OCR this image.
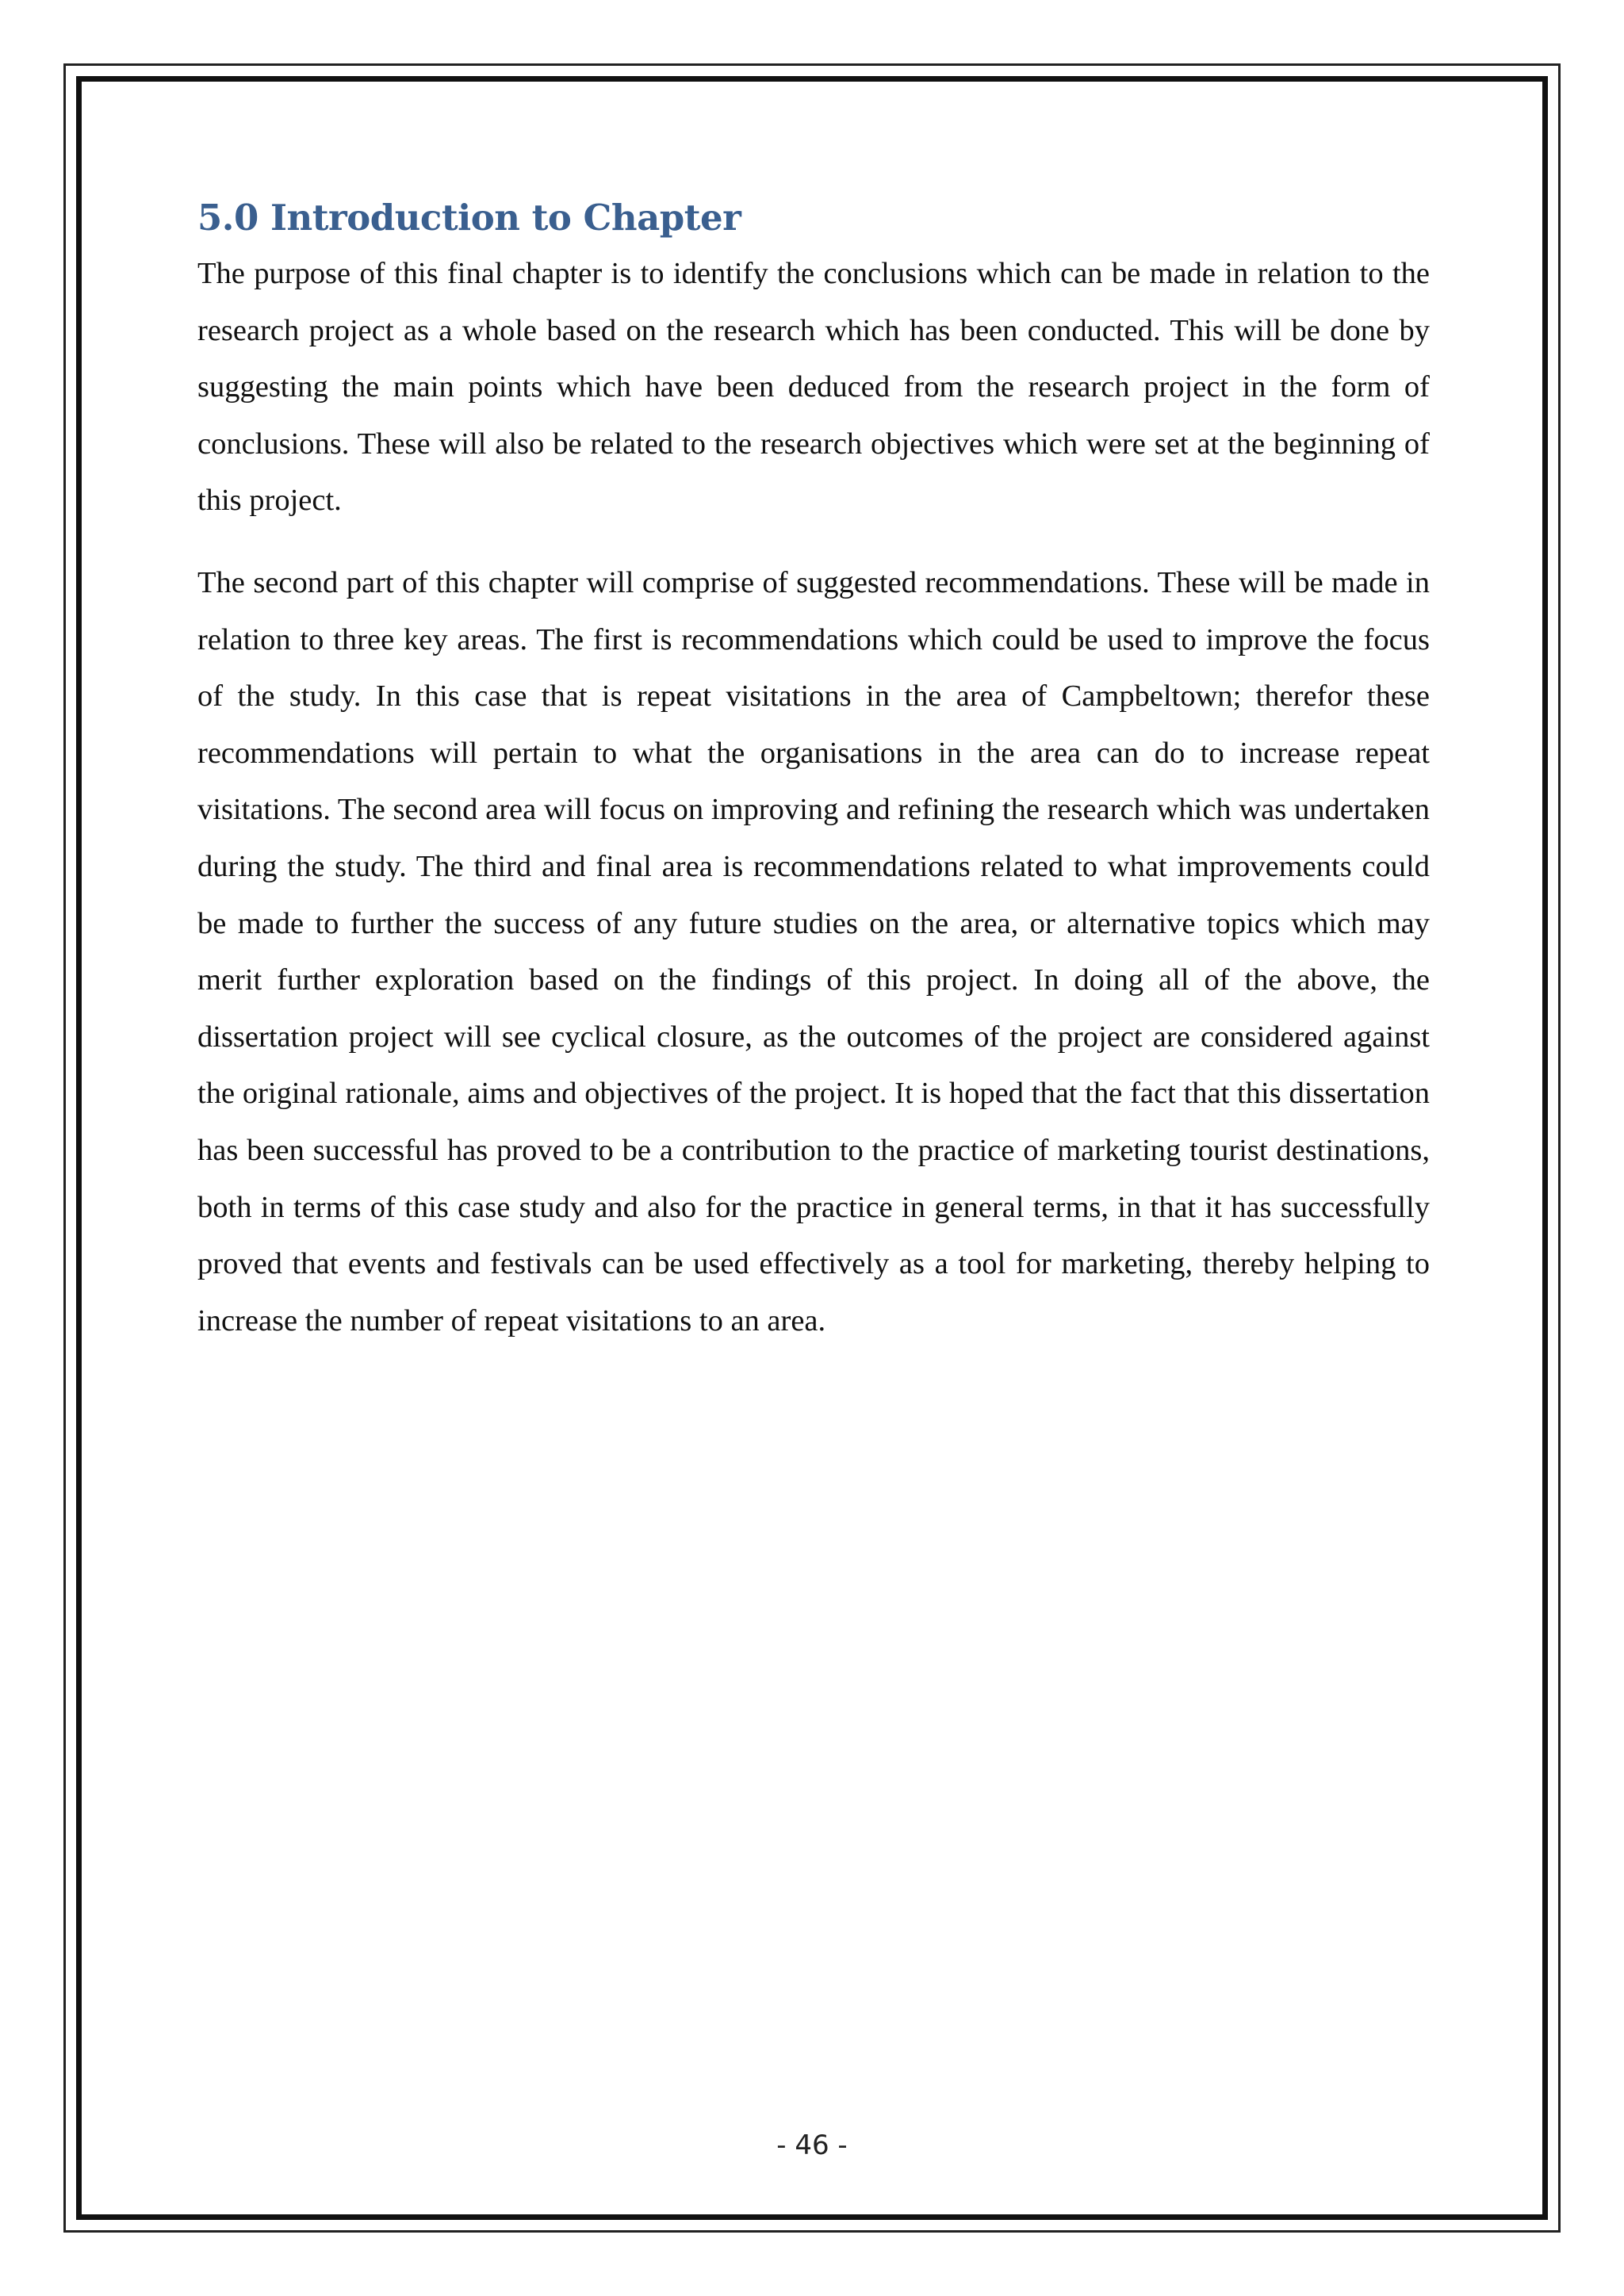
5.0 Introduction to Chapter

The purpose of this final chapter is to identify the conclusions which can be made in relation to the research project as a whole based on the research which has been conducted. This will be done by suggesting the main points which have been deduced from the research project in the form of conclusions. These will also be related to the research objectives which were set at the beginning of this project.

The second part of this chapter will comprise of suggested recommendations. These will be made in relation to three key areas. The first is recommendations which could be used to improve the focus of the study. In this case that is repeat visitations in the area of Campbeltown; therefor these recommendations will pertain to what the organisations in the area can do to increase repeat visitations. The second area will focus on improving and refining the research which was undertaken during the study. The third and final area is recommendations related to what improvements could be made to further the success of any future studies on the area, or alternative topics which may merit further exploration based on the findings of this project. In doing all of the above, the dissertation project will see cyclical closure, as the outcomes of the project are considered against the original rationale, aims and objectives of the project. It is hoped that the fact that this dissertation has been successful has proved to be a contribution to the practice of marketing tourist destinations, both in terms of this case study and also for the practice in general terms, in that it has successfully proved that events and festivals can be used effectively as a tool for marketing, thereby helping to increase the number of repeat visitations to an area.

- 46 -
